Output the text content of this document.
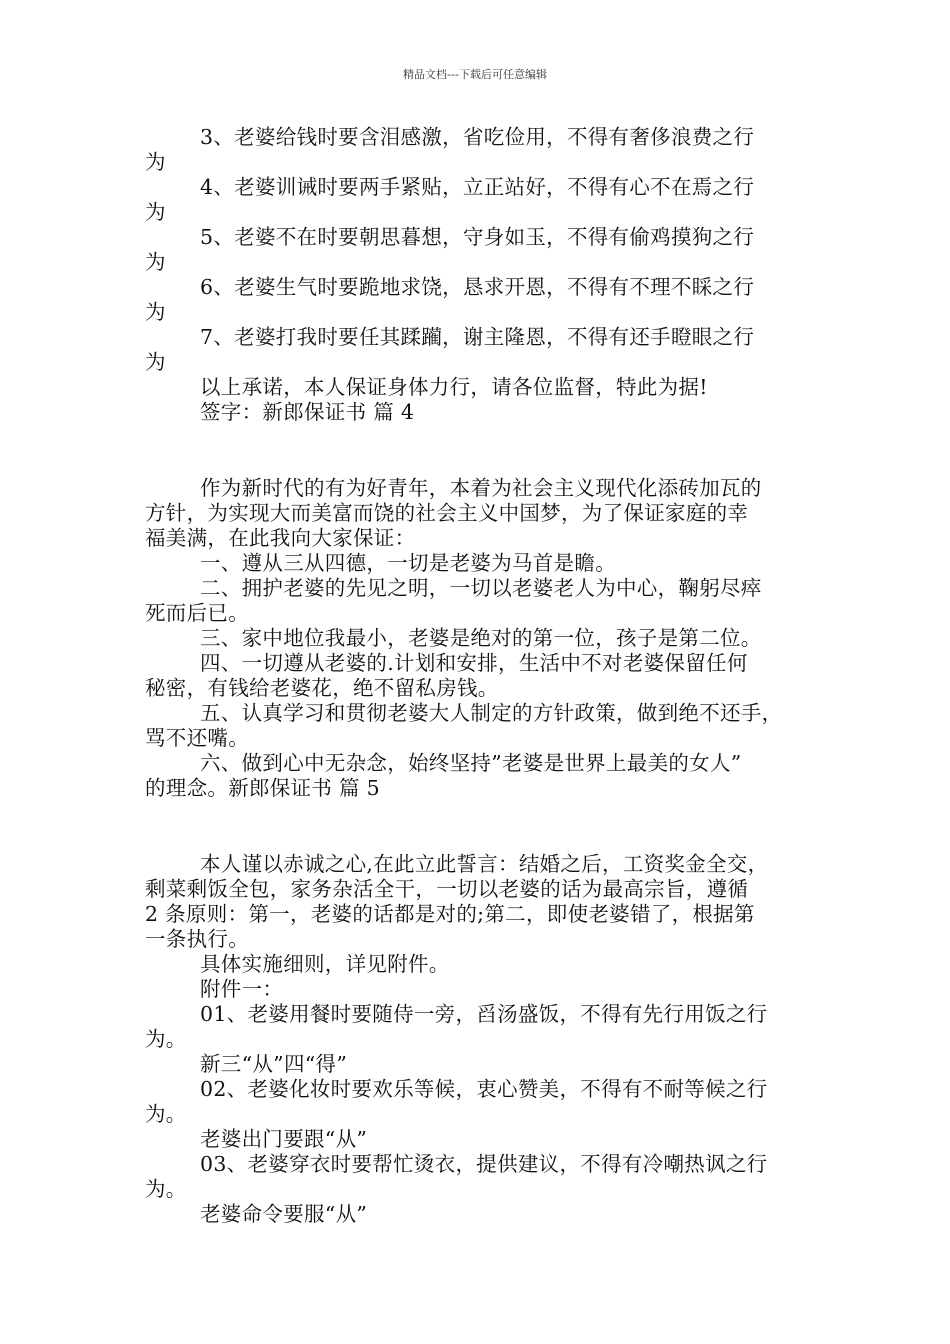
精品文档---下载后可任意编辑
3、老婆给钱时要含泪感激，省吃俭用，不得有奢侈浪费之行
为
4、老婆训诫时要两手紧贴，立正站好，不得有心不在焉之行
为
5、老婆不在时要朝思暮想，守身如玉，不得有偷鸡摸狗之行
为
6、老婆生气时要跪地求饶，恳求开恩，不得有不理不睬之行
为
7、老婆打我时要任其蹂躏，谢主隆恩，不得有还手瞪眼之行
为
以上承诺，本人保证身体力行，请各位监督，特此为据!
签字：新郎保证书 篇 4
作为新时代的有为好青年，本着为社会主义现代化添砖加瓦的
方针，为实现大而美富而饶的社会主义中国梦，为了保证家庭的幸
福美满，在此我向大家保证：
一、遵从三从四德，一切是老婆为马首是瞻。
二、拥护老婆的先见之明，一切以老婆老人为中心，鞠躬尽瘁
死而后已。
三、家中地位我最小，老婆是绝对的第一位，孩子是第二位。
四、一切遵从老婆的.计划和安排，生活中不对老婆保留任何
秘密，有钱给老婆花，绝不留私房钱。
五、认真学习和贯彻老婆大人制定的方针政策，做到绝不还手，
骂不还嘴。
六、做到心中无杂念，始终坚持”老婆是世界上最美的女人”
的理念。新郎保证书 篇 5
本人谨以赤诚之心,在此立此誓言：结婚之后，工资奖金全交，
剩菜剩饭全包，家务杂活全干，一切以老婆的话为最高宗旨，遵循
2 条原则：第一，老婆的话都是对的;第二，即使老婆错了，根据第
一条执行。
具体实施细则，详见附件。
附件一：
01、老婆用餐时要随侍一旁，舀汤盛饭，不得有先行用饭之行
为。
新三“从”四“得”
02、老婆化妆时要欢乐等候，衷心赞美，不得有不耐等候之行
为。
老婆出门要跟“从”
03、老婆穿衣时要帮忙烫衣，提供建议，不得有冷嘲热讽之行
为。
老婆命令要服“从”
